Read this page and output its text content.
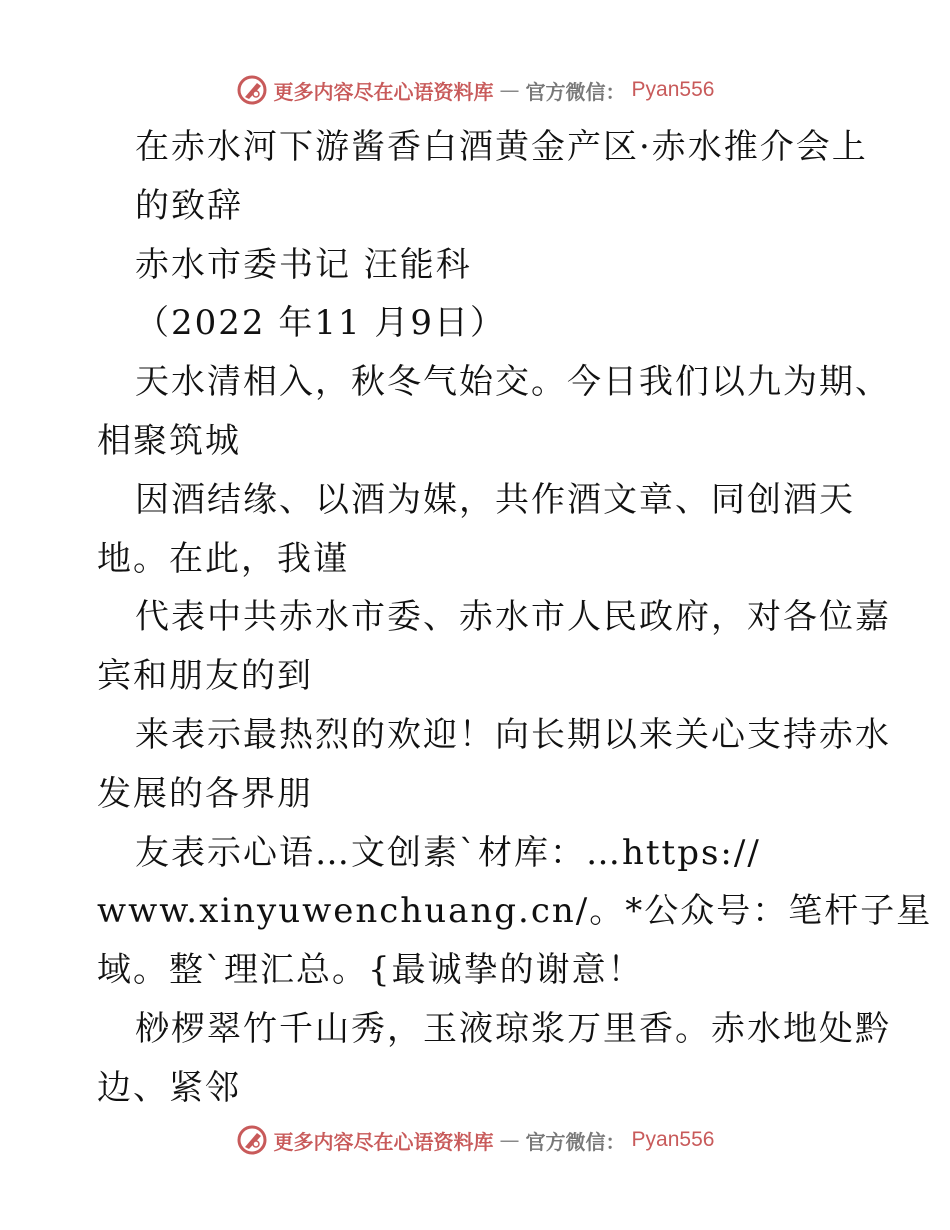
更多内容尽在心语资料库 — 官方微信： Pyan556
在赤水河下游酱香白酒黄金产区·赤水推介会上
的致辞
赤水市委书记 汪能科
（2022 年11 月9日）
天水清相入，秋冬气始交。今日我们以九为期、
相聚筑城
因酒结缘、以酒为媒，共作酒文章、同创酒天
地。在此，我谨
代表中共赤水市委、赤水市人民政府，对各位嘉
宾和朋友的到
来表示最热烈的欢迎！向长期以来关心支持赤水
发展的各界朋
友表示心语…文创素`材库：…https://
www.xinyuwenchuang.cn/。*公众号：笔杆子星
域。整`理汇总。{最诚挚的谢意！
桫椤翠竹千山秀，玉液琼浆万里香。赤水地处黔
边、紧邻
更多内容尽在心语资料库 — 官方微信： Pyan556
